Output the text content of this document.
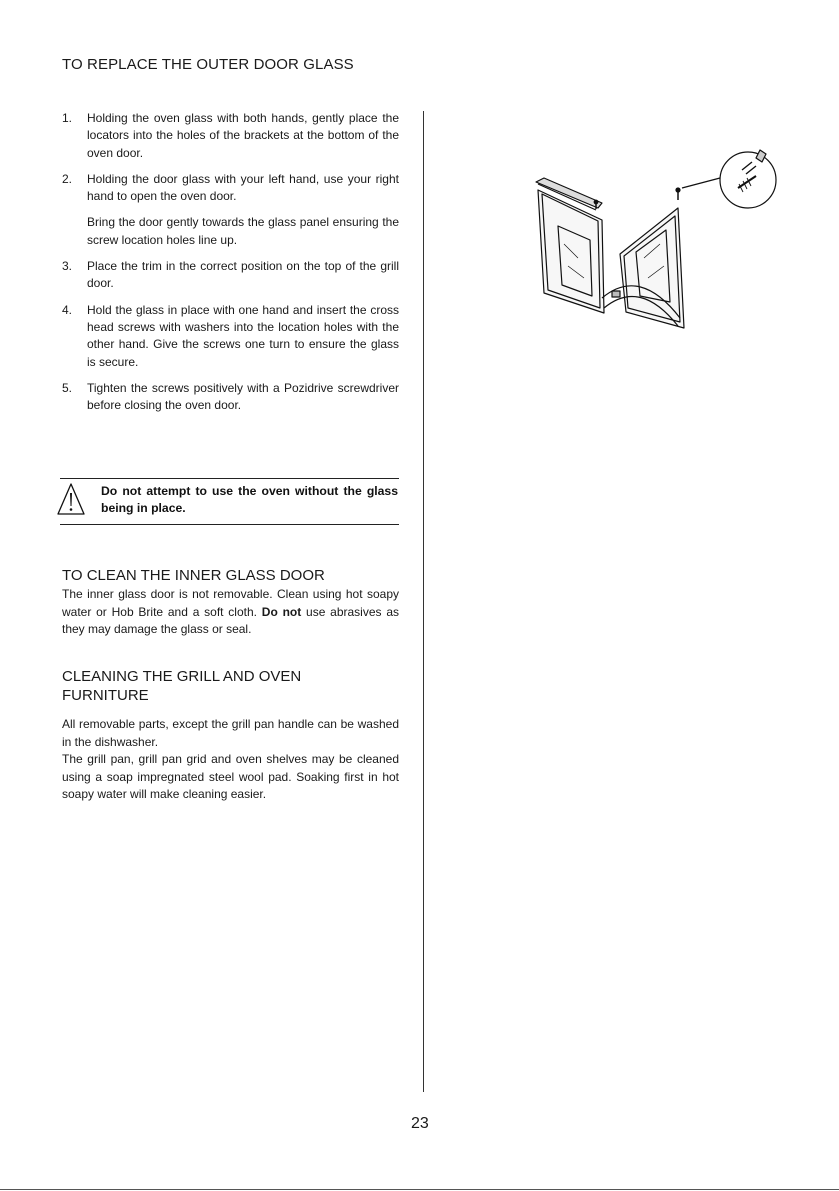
TO REPLACE THE OUTER DOOR GLASS
1.	Holding the oven glass with both hands, gently place the locators into the holes of the brackets at the bottom of the oven door.

2.	Holding the door glass with your left hand, use your right hand to open the oven door.

Bring the door gently towards the glass panel ensuring the screw location holes line up.

3.	Place the trim in the correct position on the top of the grill door.

4.	Hold the glass in place with one hand and insert the cross head screws with washers into the location holes with the other hand. Give the screws one turn to ensure the glass is secure.

5.	Tighten the screws positively with a Pozidrive screwdriver before closing the oven door.

Do not attempt to use the oven without the glass being in place.
TO CLEAN THE INNER GLASS DOOR

The inner glass door is not removable. Clean using hot soapy water or Hob Brite and a soft cloth. Do not use abrasives as they may damage the glass or seal.

CLEANING THE GRILL AND OVEN
FURNITURE

All removable parts, except the grill pan handle can be washed in the dishwasher.

The grill pan, grill pan grid and oven shelves may be cleaned using a soap impregnated steel wool pad. Soaking first in hot soapy water will make cleaning easier.

23
